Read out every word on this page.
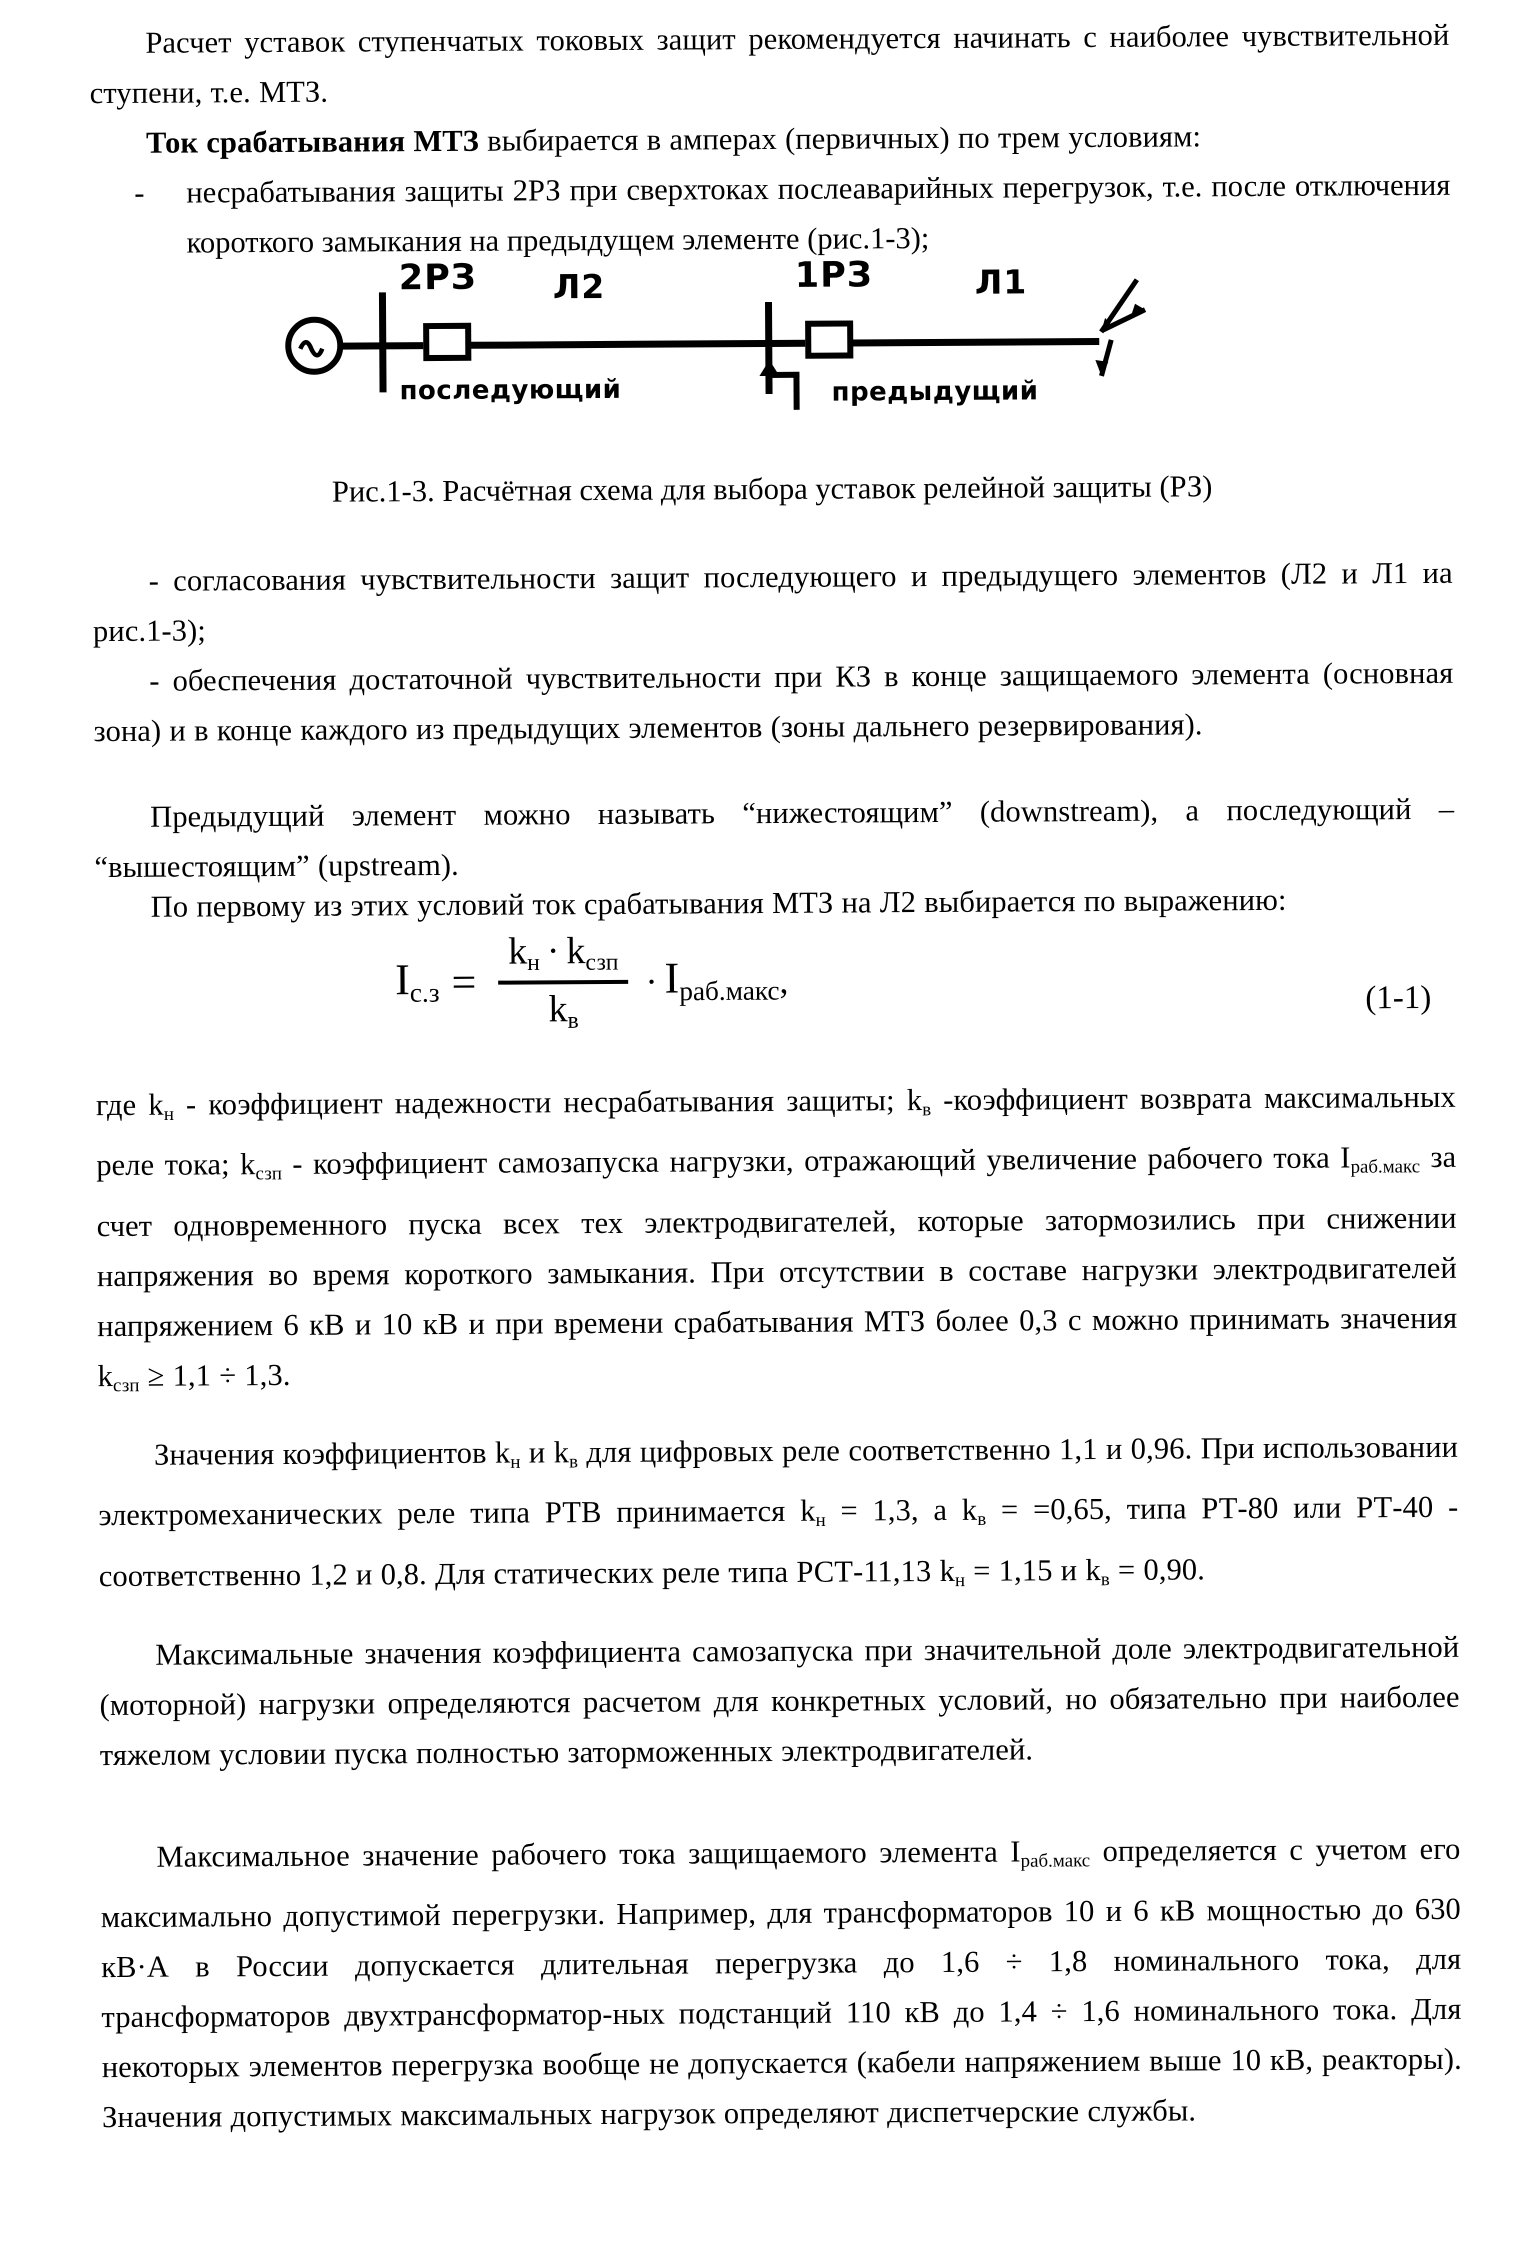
Расчет уставок ступенчатых токовых защит рекомендуется начинать с наиболее чувствительной ступени, т.е. МТЗ.
Ток срабатывания МТЗ выбирается в амперах (первичных) по трем условиям:
-	несрабатывания защиты 2РЗ при сверхтоках послеаварийных перегрузок, т.е. после отключения короткого замыкания на предыдущем элементе (рис.1-3);
2РЗ Л2	1РЗ	Л1
последующий	предыдущий
Рис.1-3. Расчётная схема для выбора уставок релейной защиты (РЗ)
- согласования чувствительности защит последующего и предыдущего элементов (Л2 и Л1 иа рис.1-3);
- обеспечения достаточной чувствительности при КЗ в конце защищаемого элемента (основная зона) и в конце каждого из предыдущих элементов (зоны дальнего резервирования).
Предыдущий элемент можно называть “нижестоящим” (downstream), а последующий – “вышестоящим” (upstream).
По первому из этих условий ток срабатывания МТЗ на Л2 выбирается по выражению:
$I_{с.з}$ =
$k_н \cdot k_{сзп}$
$k_в$
· $I_{раб.макс}$ ,	(1-1)
где $k_н$ - коэффициент надежности несрабатывания защиты; $k_в$ -коэффициент возврата максимальных реле тока; $k_{сзп}$ - коэффициент самозапуска нагрузки, отражающий увеличение рабочего тока $I_{раб.макс}$ за счет одновременного пуска всех тех электродвигателей, которые затормозились при снижении напряжения во время короткого замыкания. При отсутствии в составе нагрузки электродвигателей напряжением 6 кВ и 10 кВ и при времени срабатывания МТЗ более 0,3 с можно принимать значения $k_{сзп} \ge 1,1 \div 1,3$.
Значения коэффициентов $k_н$ и $k_в$ для цифровых реле соответственно 1,1 и 0,96. При использовании электромеханических реле типа РТВ принимается $k_н = 1,3$, а $k_в = =0,65$, типа РТ-80 или РТ-40 - соответственно 1,2 и 0,8. Для статических реле типа РСТ-11,13 $k_н = 1,15$ и $k_в = 0,90$.
Максимальные значения коэффициента самозапуска при значительной доле электродвигательной (моторной) нагрузки определяются расчетом для конкретных условий, но обязательно при наиболее тяжелом условии пуска полностью заторможенных электродвигателей.
Максимальное значение рабочего тока защищаемого элемента $I_{раб.макс}$ определяется с учетом его максимально допустимой перегрузки. Например, для трансформаторов 10 и 6 кВ мощностью до 630 кВ·А в России допускается длительная перегрузка до 1,6 ÷ 1,8 номинального тока, для трансформаторов двухтрансформатор-ных подстанций 110 кВ до 1,4 ÷ 1,6 номинального тока. Для некоторых элементов перегрузка вообще не допускается (кабели напряжением выше 10 кВ, реакторы). Значения допустимых максимальных нагрузок определяют диспетчерские службы.
